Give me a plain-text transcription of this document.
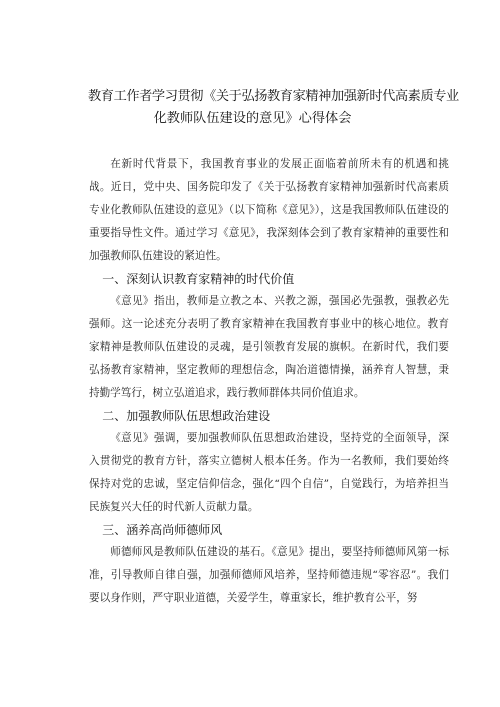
教育工作者学习贯彻《关于弘扬教育家精神加强新时代高素质专业
化教师队伍建设的意见》心得体会

在新时代背景下，我国教育事业的发展正面临着前所未有的机遇和挑战。近日，党中央、国务院印发了《关于弘扬教育家精神加强新时代高素质专业化教师队伍建设的意见》（以下简称《意见》），这是我国教师队伍建设的重要指导性文件。通过学习《意见》，我深刻体会到了教育家精神的重要性和加强教师队伍建设的紧迫性。

一、深刻认识教育家精神的时代价值

《意见》指出，教师是立教之本、兴教之源，强国必先强教，强教必先强师。这一论述充分表明了教育家精神在我国教育事业中的核心地位。教育家精神是教师队伍建设的灵魂，是引领教育发展的旗帜。在新时代，我们要弘扬教育家精神，坚定教师的理想信念，陶冶道德情操，涵养育人智慧，秉持勤学笃行，树立弘道追求，践行教师群体共同价值追求。

二、加强教师队伍思想政治建设

《意见》强调，要加强教师队伍思想政治建设，坚持党的全面领导，深入贯彻党的教育方针，落实立德树人根本任务。作为一名教师，我们要始终保持对党的忠诚，坚定信仰信念，强化“四个自信”，自觉践行，为培养担当民族复兴大任的时代新人贡献力量。

三、涵养高尚师德师风

师德师风是教师队伍建设的基石。《意见》提出，要坚持师德师风第一标准，引导教师自律自强，加强师德师风培养，坚持师德违规“零容忍”。我们要以身作则，严守职业道德，关爱学生，尊重家长，维护教育公平，努
